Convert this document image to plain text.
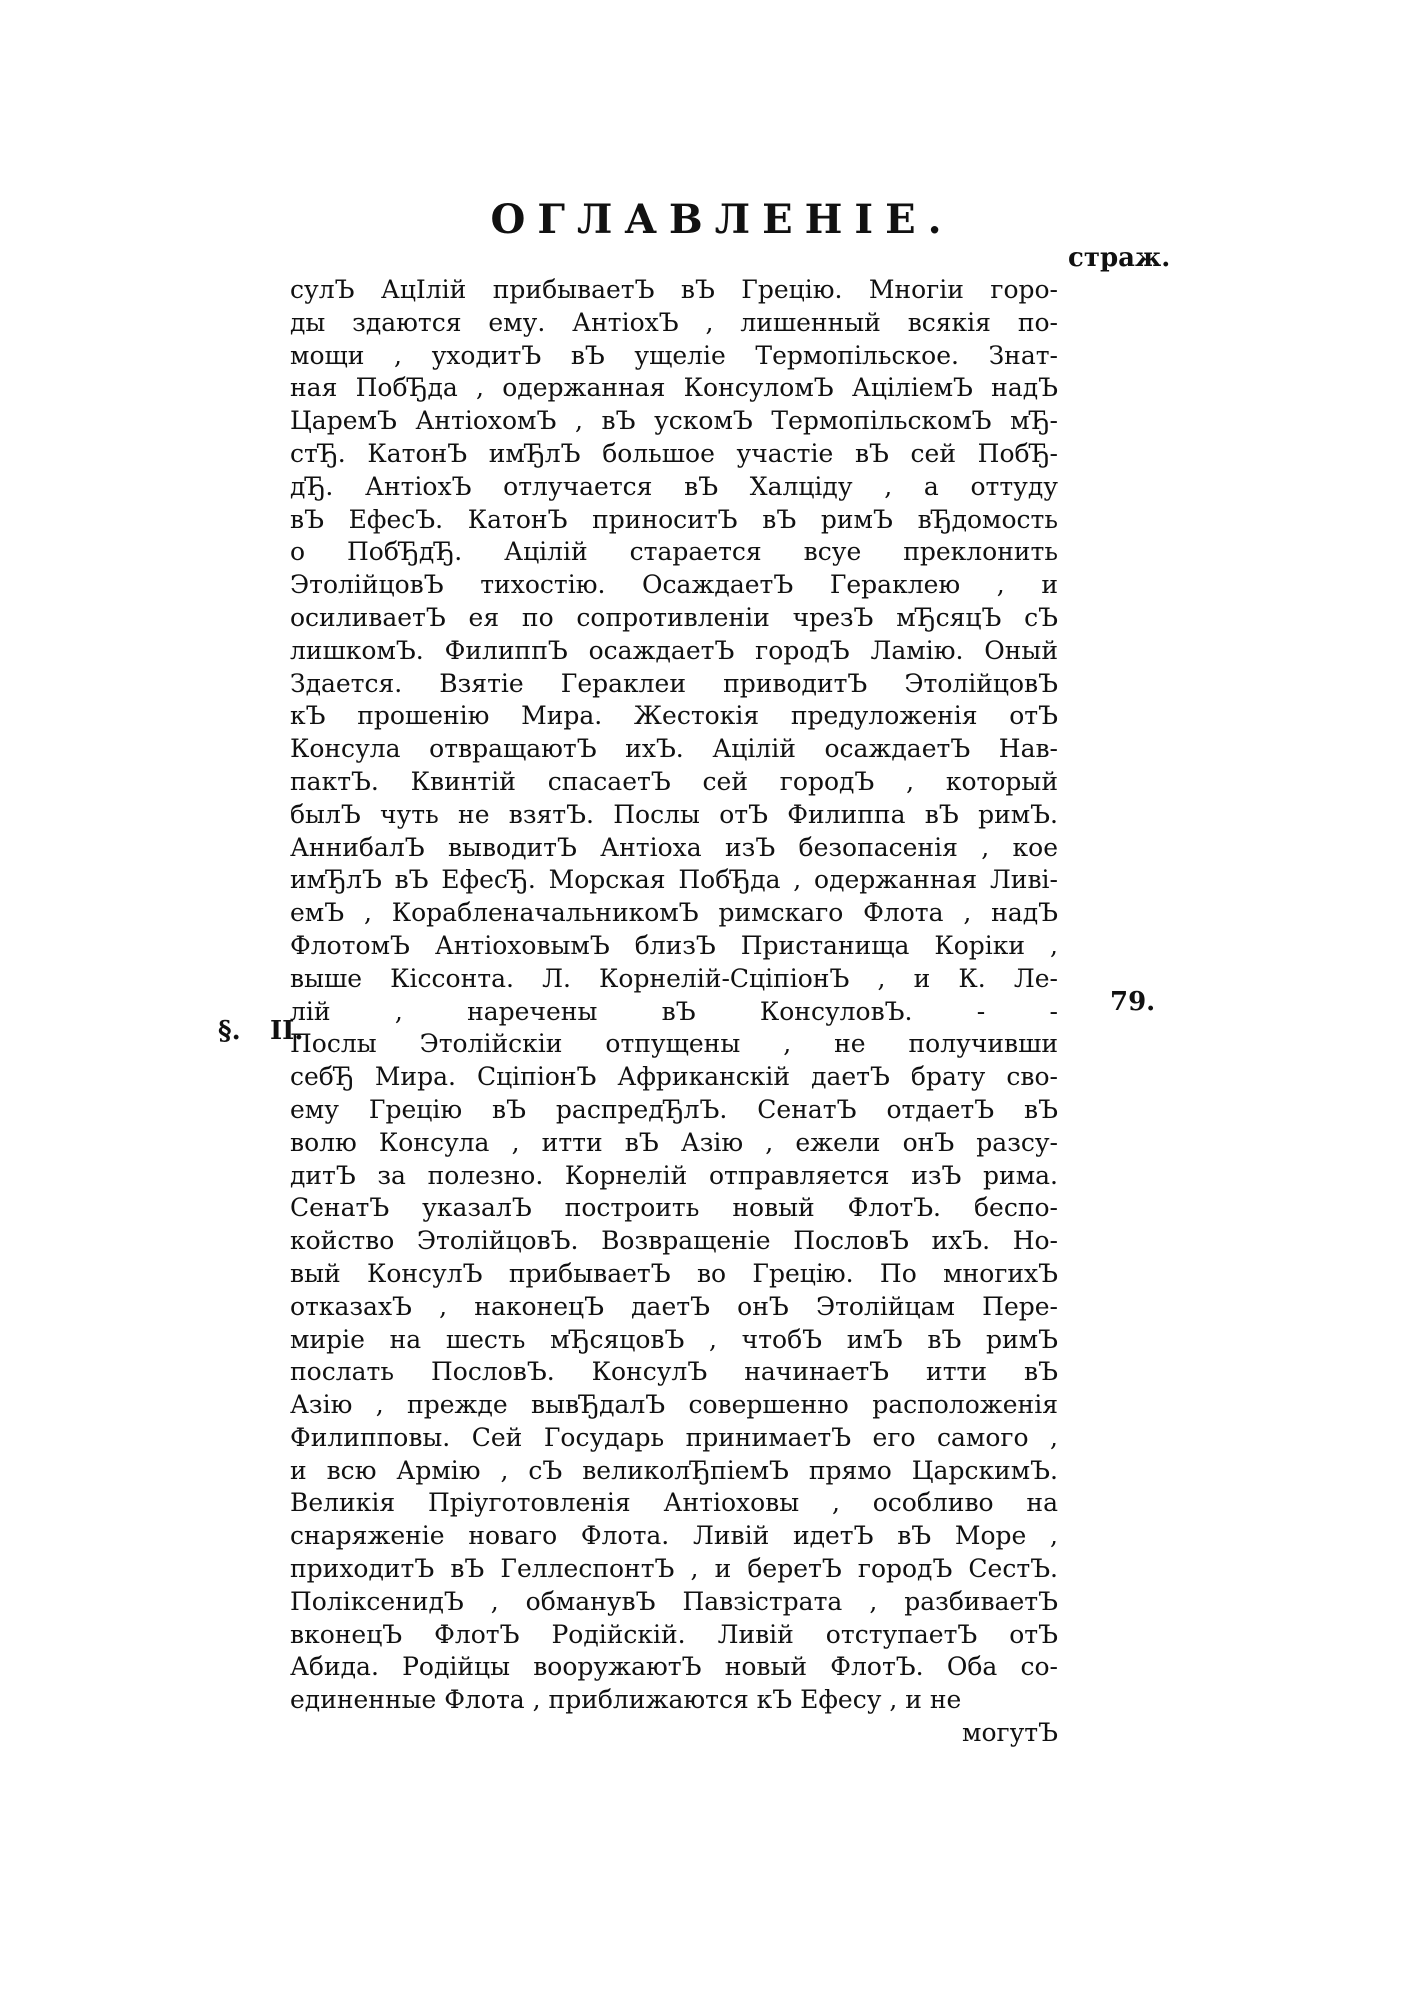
ОГЛАВЛЕНIЕ.
страж.
79.
§. II.
сулЪ АцIлiй прибываетЪ вЪ Грецiю. Многiи горо-
ды здаются ему. АнтiохЪ , лишенный всякiя по-
мощи , уходитЪ вЪ ущелiе Термопiльское. Знат-
ная ПобЂда , одержанная КонсуломЪ АцiлiемЪ надЪ
ЦаремЪ АнтiохомЪ , вЪ ускомЪ ТермопiльскомЪ мЂ-
стЂ. КатонЪ имЂлЪ большое участiе вЪ сей ПобЂ-
дЂ. АнтiохЪ отлучается вЪ Халцiду , а оттуду
вЪ ЕфесЪ. КатонЪ приноситЪ вЪ римЪ вЂдомость
о ПобЂдЂ. Ацiлiй старается всуе преклонить
ЭтолiйцовЪ тихостiю. ОсаждаетЪ Гераклею , и
осиливаетЪ ея по сопротивленiи чрезЪ мЂсяцЪ сЪ
лишкомЪ. ФилиппЪ осаждаетЪ городЪ Ламiю. Оный
Здается. Взятiе Гераклеи приводитЪ ЭтолiйцовЪ
кЪ прошенiю Мира. Жестокiя предуложенiя отЪ
Консула отвращаютЪ ихЪ. Ацiлiй осаждаетЪ Нав-
пактЪ. Квинтiй спасаетЪ сей городЪ , который
былЪ чуть не взятЪ. Послы отЪ Филиппа вЪ римЪ.
АннибалЪ выводитЪ Антiоха изЪ безопасенiя , кое
имЂлЪ вЪ ЕфесЂ. Морская ПобЂда , одержанная Ливi-
емЪ , КорабленачальникомЪ римскаго Флота , надЪ
ФлотомЪ АнтiоховымЪ близЪ Пристанища Корiки ,
выше Кiссонта. Л. Корнелiй-СцiпiонЪ , и К. Ле-
лiй , наречены вЪ КонсуловЪ. - -
Послы Этолiйскiи отпущены , не получивши
себЂ Мира. СцiпiонЪ Африканскiй даетЪ брату сво-
ему Грецiю вЪ распредЂлЪ. СенатЪ отдаетЪ вЪ
волю Консула , итти вЪ Азiю , ежели онЪ разсу-
дитЪ за полезно. Корнелiй отправляется изЪ рима.
СенатЪ указалЪ построить новый ФлотЪ. беспо-
койство ЭтолiйцовЪ. Возвращенiе ПословЪ ихЪ. Но-
вый КонсулЪ прибываетЪ во Грецiю. По многихЪ
отказахЪ , наконецЪ даетЪ онЪ Этолiйцам Пере-
мирiе на шесть мЂсяцовЪ , чтобЪ имЪ вЪ римЪ
послать ПословЪ. КонсулЪ начинаетЪ итти вЪ
Азiю , прежде вывЂдалЪ совершенно расположенiя
Филипповы. Сей Государь принимаетЪ его самого ,
и всю Армiю , сЪ великолЂпiемЪ прямо ЦарскимЪ.
Великiя Прiуготовленiя Антiоховы , особливо на
снаряженiе новаго Флота. Ливiй идетЪ вЪ Море ,
приходитЪ вЪ ГеллеспонтЪ , и беретЪ городЪ СестЪ.
ПолiксенидЪ , обманувЪ Павзiстрата , разбиваетЪ
вконецЪ ФлотЪ Родiйскiй. Ливiй отступаетЪ отЪ
Абида. Родiйцы вооружаютЪ новый ФлотЪ. Оба со-
единенные Флота , приближаются кЪ Ефесу , и не
могутЪ
